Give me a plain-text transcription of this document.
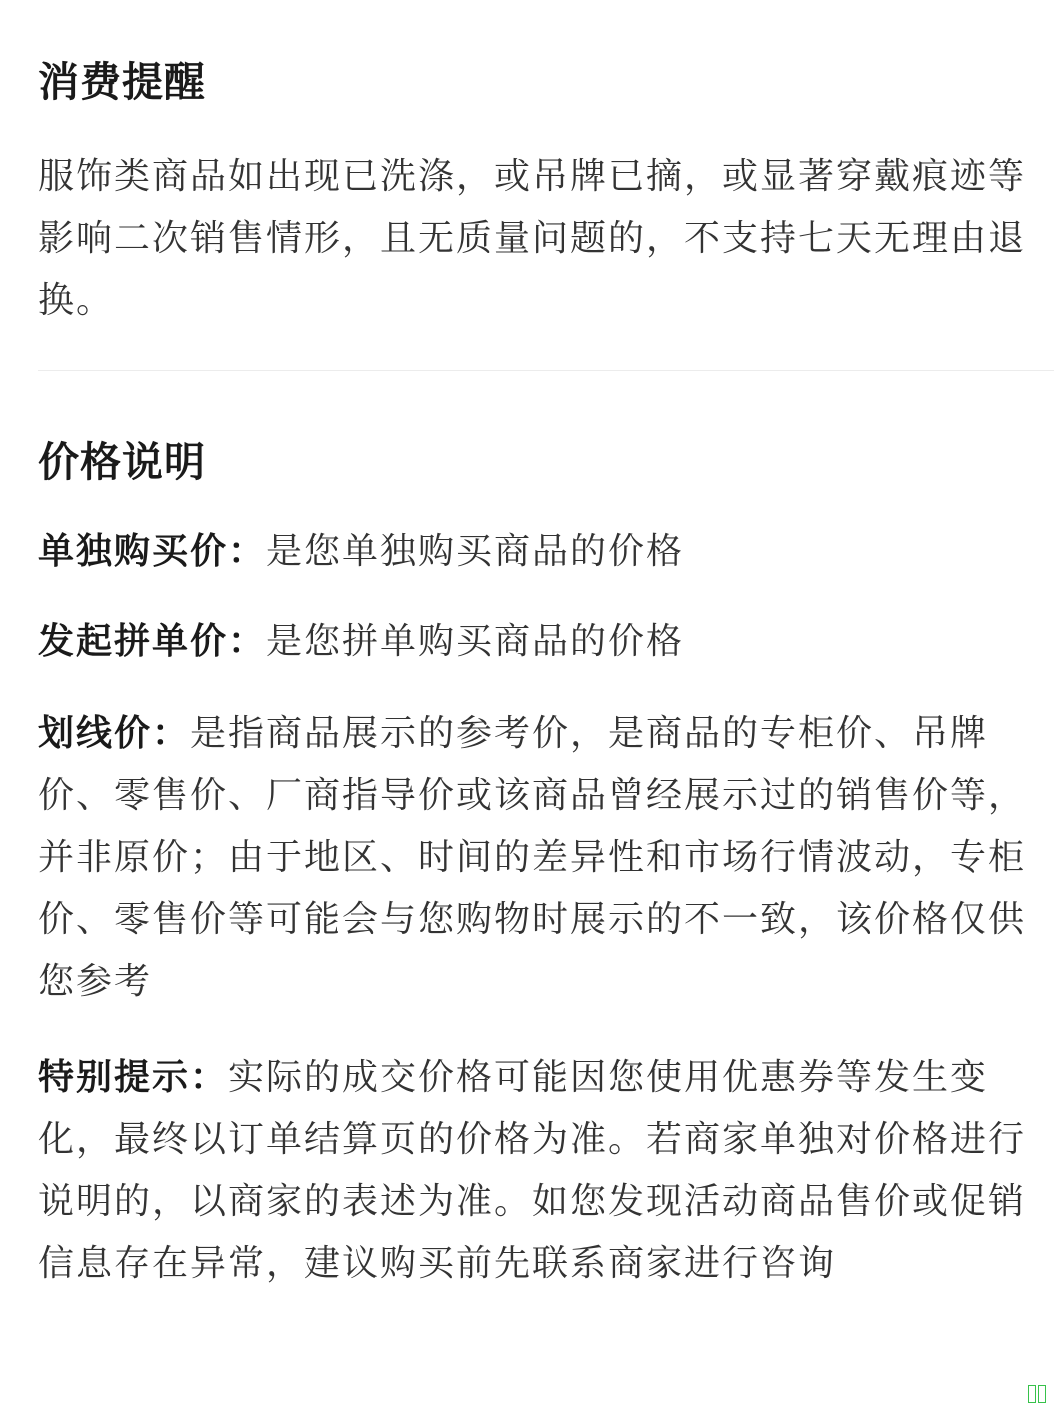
消费提醒

服饰类商品如出现已洗涤，或吊牌已摘，或显著穿戴痕迹等影响二次销售情形，且无质量问题的，不支持七天无理由退换。

价格说明

单独购买价：是您单独购买商品的价格

发起拼单价：是您拼单购买商品的价格

划线价：是指商品展示的参考价，是商品的专柜价、吊牌价、零售价、厂商指导价或该商品曾经展示过的销售价等，并非原价；由于地区、时间的差异性和市场行情波动，专柜价、零售价等可能会与您购物时展示的不一致，该价格仅供您参考

特别提示：实际的成交价格可能因您使用优惠券等发生变化，最终以订单结算页的价格为准。若商家单独对价格进行说明的，以商家的表述为准。如您发现活动商品售价或促销信息存在异常，建议购买前先联系商家进行咨询
